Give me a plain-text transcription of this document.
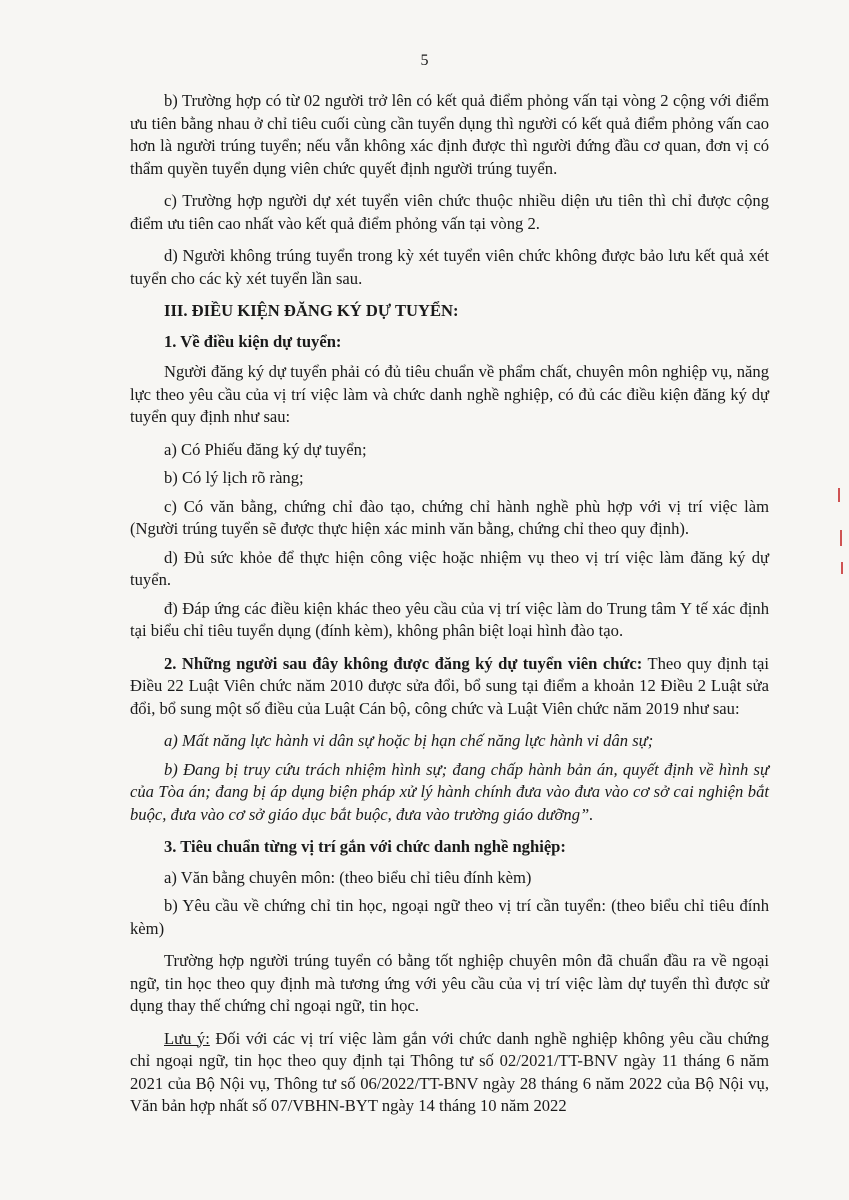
5

b) Trường hợp có từ 02 người trở lên có kết quả điểm phỏng vấn tại vòng 2 cộng với điểm ưu tiên bằng nhau ở chỉ tiêu cuối cùng cần tuyển dụng thì người có kết quả điểm phỏng vấn cao hơn là người trúng tuyển; nếu vẫn không xác định được thì người đứng đầu cơ quan, đơn vị có thẩm quyền tuyển dụng viên chức quyết định người trúng tuyển.

c) Trường hợp người dự xét tuyển viên chức thuộc nhiều diện ưu tiên thì chỉ được cộng điểm ưu tiên cao nhất vào kết quả điểm phỏng vấn tại vòng 2.

d) Người không trúng tuyển trong kỳ xét tuyển viên chức không được bảo lưu kết quả xét tuyển cho các kỳ xét tuyển lần sau.

III. ĐIỀU KIỆN ĐĂNG KÝ DỰ TUYỂN:
1. Về điều kiện dự tuyển:

Người đăng ký dự tuyển phải có đủ tiêu chuẩn về phẩm chất, chuyên môn nghiệp vụ, năng lực theo yêu cầu của vị trí việc làm và chức danh nghề nghiệp, có đủ các điều kiện đăng ký dự tuyển quy định như sau:

a) Có Phiếu đăng ký dự tuyển;

b) Có lý lịch rõ ràng;

c) Có văn bằng, chứng chỉ đào tạo, chứng chỉ hành nghề phù hợp với vị trí việc làm (Người trúng tuyển sẽ được thực hiện xác minh văn bằng, chứng chỉ theo quy định).

d) Đủ sức khỏe để thực hiện công việc hoặc nhiệm vụ theo vị trí việc làm đăng ký dự tuyển.

đ) Đáp ứng các điều kiện khác theo yêu cầu của vị trí việc làm do Trung tâm Y tế xác định tại biểu chỉ tiêu tuyển dụng (đính kèm), không phân biệt loại hình đào tạo.

2. Những người sau đây không được đăng ký dự tuyển viên chức: Theo quy định tại Điều 22 Luật Viên chức năm 2010 được sửa đổi, bổ sung tại điểm a khoản 12 Điều 2 Luật sửa đổi, bổ sung một số điều của Luật Cán bộ, công chức và Luật Viên chức năm 2019 như sau:

a) Mất năng lực hành vi dân sự hoặc bị hạn chế năng lực hành vi dân sự;

b) Đang bị truy cứu trách nhiệm hình sự; đang chấp hành bản án, quyết định về hình sự của Tòa án; đang bị áp dụng biện pháp xử lý hành chính đưa vào đưa vào cơ sở cai nghiện bắt buộc, đưa vào cơ sở giáo dục bắt buộc, đưa vào trường giáo dưỡng”.

3. Tiêu chuẩn từng vị trí gắn với chức danh nghề nghiệp:

a) Văn bằng chuyên môn: (theo biểu chỉ tiêu đính kèm)

b) Yêu cầu về chứng chỉ tin học, ngoại ngữ theo vị trí cần tuyển: (theo biểu chỉ tiêu đính kèm)

Trường hợp người trúng tuyển có bằng tốt nghiệp chuyên môn đã chuẩn đầu ra về ngoại ngữ, tin học theo quy định mà tương ứng với yêu cầu của vị trí việc làm dự tuyển thì được sử dụng thay thế chứng chỉ ngoại ngữ, tin học.

Lưu ý: Đối với các vị trí việc làm gắn với chức danh nghề nghiệp không yêu cầu chứng chỉ ngoại ngữ, tin học theo quy định tại Thông tư số 02/2021/TT-BNV ngày 11 tháng 6 năm 2021 của Bộ Nội vụ, Thông tư số 06/2022/TT-BNV ngày 28 tháng 6 năm 2022 của Bộ Nội vụ, Văn bản hợp nhất số 07/VBHN-BYT ngày 14 tháng 10 năm 2022
